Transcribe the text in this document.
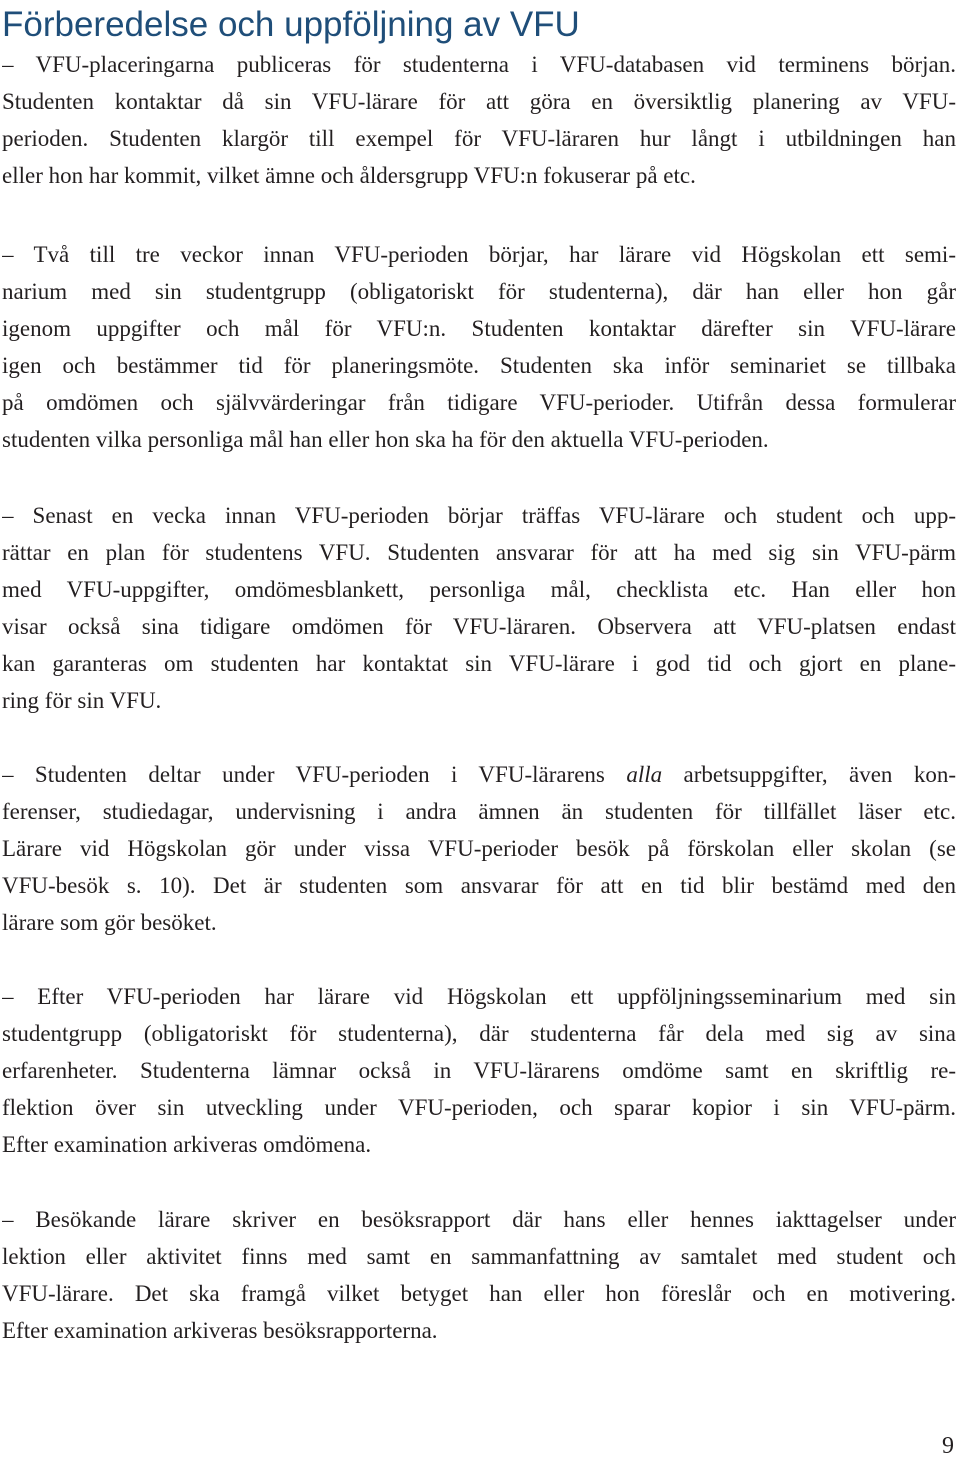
Förberedelse och uppföljning av VFU
– VFU-placeringarna publiceras för studenterna i VFU-databasen vid terminens början.
Studenten kontaktar då sin VFU-lärare för att göra en översiktlig planering av VFU-
perioden. Studenten klargör till exempel för VFU-läraren hur långt i utbildningen han
eller hon har kommit, vilket ämne och åldersgrupp VFU:n fokuserar på etc.
– Två till tre veckor innan VFU-perioden börjar, har lärare vid Högskolan ett semi-
narium med sin studentgrupp (obligatoriskt för studenterna), där han eller hon går
igenom uppgifter och mål för VFU:n. Studenten kontaktar därefter sin VFU-lärare
igen och bestämmer tid för planeringsmöte. Studenten ska inför seminariet se tillbaka
på omdömen och självvärderingar från tidigare VFU-perioder. Utifrån dessa formulerar
studenten vilka personliga mål han eller hon ska ha för den aktuella VFU-perioden.
– Senast en vecka innan VFU-perioden börjar träffas VFU-lärare och student och upp-
rättar en plan för studentens VFU. Studenten ansvarar för att ha med sig sin VFU-pärm
med VFU-uppgifter, omdömesblankett, personliga mål, checklista etc. Han eller hon
visar också sina tidigare omdömen för VFU-läraren. Observera att VFU-platsen endast
kan garanteras om studenten har kontaktat sin VFU-lärare i god tid och gjort en plane-
ring för sin VFU.
– Studenten deltar under VFU-perioden i VFU-lärarens alla arbetsuppgifter, även kon-
ferenser, studiedagar, undervisning i andra ämnen än studenten för tillfället läser etc.
Lärare vid Högskolan gör under vissa VFU-perioder besök på förskolan eller skolan (se
VFU-besök s. 10). Det är studenten som ansvarar för att en tid blir bestämd med den
lärare som gör besöket.
– Efter VFU-perioden har lärare vid Högskolan ett uppföljningsseminarium med sin
studentgrupp (obligatoriskt för studenterna), där studenterna får dela med sig av sina
erfarenheter. Studenterna lämnar också in VFU-lärarens omdöme samt en skriftlig re-
flektion över sin utveckling under VFU-perioden, och sparar kopior i sin VFU-pärm.
Efter examination arkiveras omdömena.
– Besökande lärare skriver en besöksrapport där hans eller hennes iakttagelser under
lektion eller aktivitet finns med samt en sammanfattning av samtalet med student och
VFU-lärare. Det ska framgå vilket betyget han eller hon föreslår och en motivering.
Efter examination arkiveras besöksrapporterna.
9
